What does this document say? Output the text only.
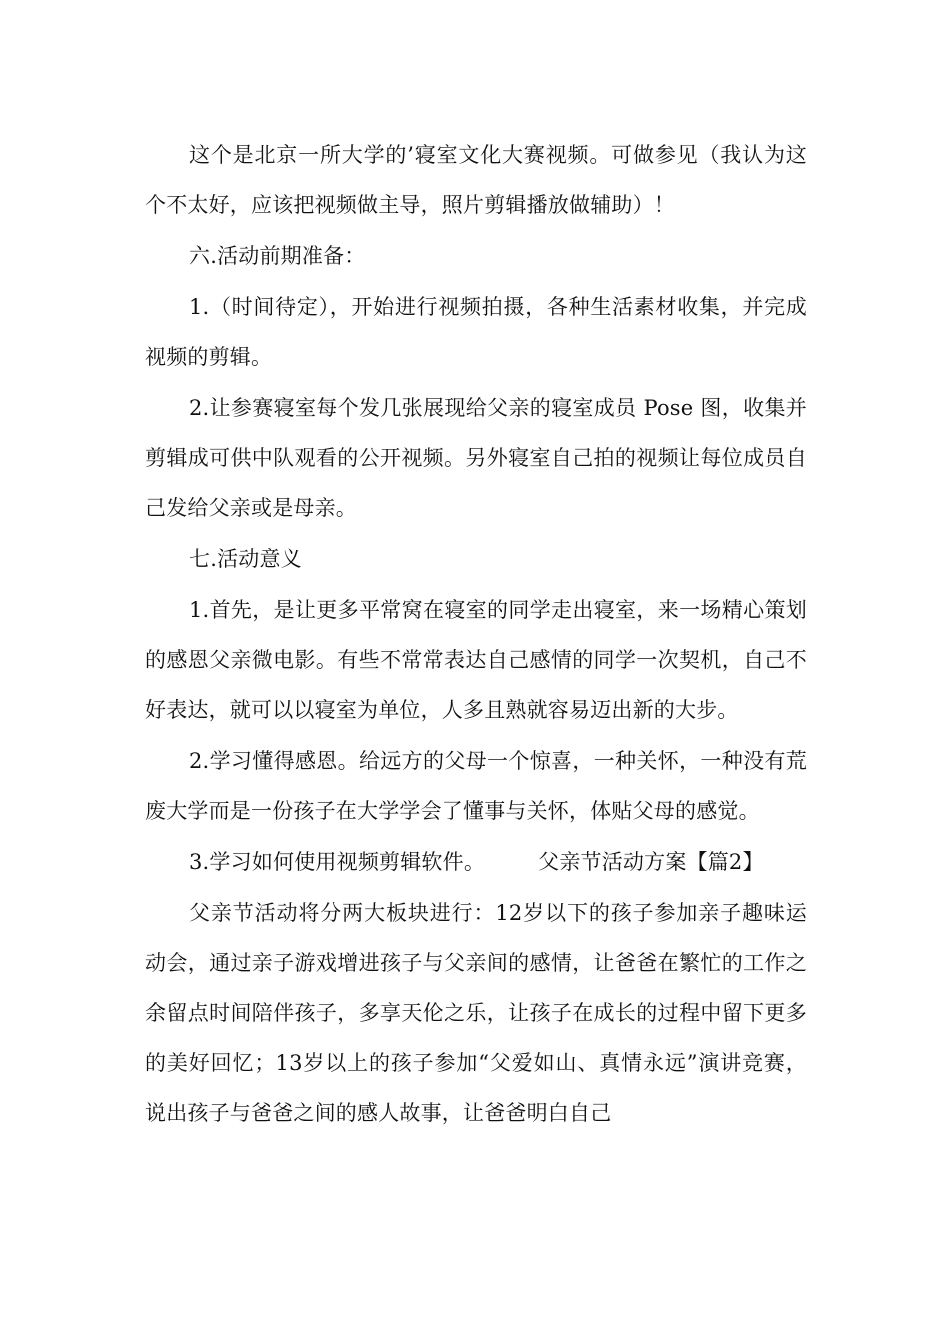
这个是北京一所大学的’寝室文化大赛视频。可做参见（我认为这个不太好，应该把视频做主导，照片剪辑播放做辅助）！

六.活动前期准备：

1.（时间待定），开始进行视频拍摄，各种生活素材收集，并完成视频的剪辑。

2.让参赛寝室每个发几张展现给父亲的寝室成员 Pose 图，收集并剪辑成可供中队观看的公开视频。另外寝室自己拍的视频让每位成员自己发给父亲或是母亲。

七.活动意义

1.首先，是让更多平常窝在寝室的同学走出寝室，来一场精心策划的感恩父亲微电影。有些不常常表达自己感情的同学一次契机，自己不好表达，就可以以寝室为单位，人多且熟就容易迈出新的大步。

2.学习懂得感恩。给远方的父母一个惊喜，一种关怀，一种没有荒废大学而是一份孩子在大学学会了懂事与关怀，体贴父母的感觉。

3.学习如何使用视频剪辑软件。　　　父亲节活动方案【篇2】

父亲节活动将分两大板块进行：12岁以下的孩子参加亲子趣味运动会，通过亲子游戏增进孩子与父亲间的感情，让爸爸在繁忙的工作之余留点时间陪伴孩子，多享天伦之乐，让孩子在成长的过程中留下更多的美好回忆；13岁以上的孩子参加“父爱如山、真情永远”演讲竞赛，说出孩子与爸爸之间的感人故事，让爸爸明白自己
